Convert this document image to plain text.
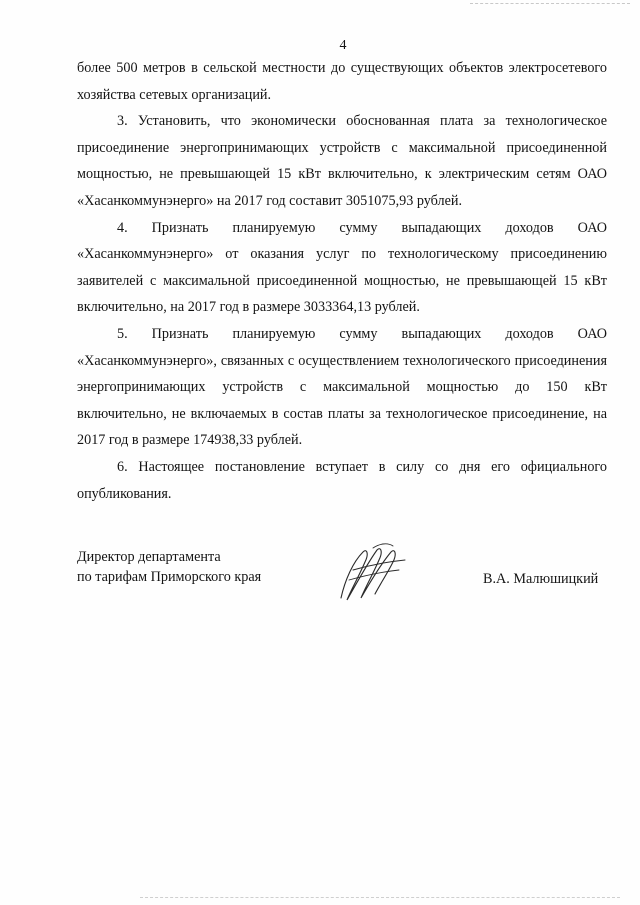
4

более 500 метров в сельской местности до существующих объектов электросетевого хозяйства сетевых организаций.

3. Установить, что экономически обоснованная плата за технологическое присоединение энергопринимающих устройств с максимальной присоединенной мощностью, не превышающей 15 кВт включительно, к электрическим сетям ОАО «Хасанкоммунэнерго» на 2017 год составит 3051075,93 рублей.

4. Признать планируемую сумму выпадающих доходов ОАО «Хасанкоммунэнерго» от оказания услуг по технологическому присоединению заявителей с максимальной присоединенной мощностью, не превышающей 15 кВт включительно, на 2017 год в размере 3033364,13 рублей.

5. Признать планируемую сумму выпадающих доходов ОАО «Хасанкоммунэнерго», связанных с осуществлением технологического присоединения энергопринимающих устройств с максимальной мощностью до 150 кВт включительно, не включаемых в состав платы за технологическое присоединение, на 2017 год в размере 174938,33 рублей.

6. Настоящее постановление вступает в силу со дня его официального опубликования.

Директор департамента
по тарифам Приморского края	В.А. Малюшицкий
